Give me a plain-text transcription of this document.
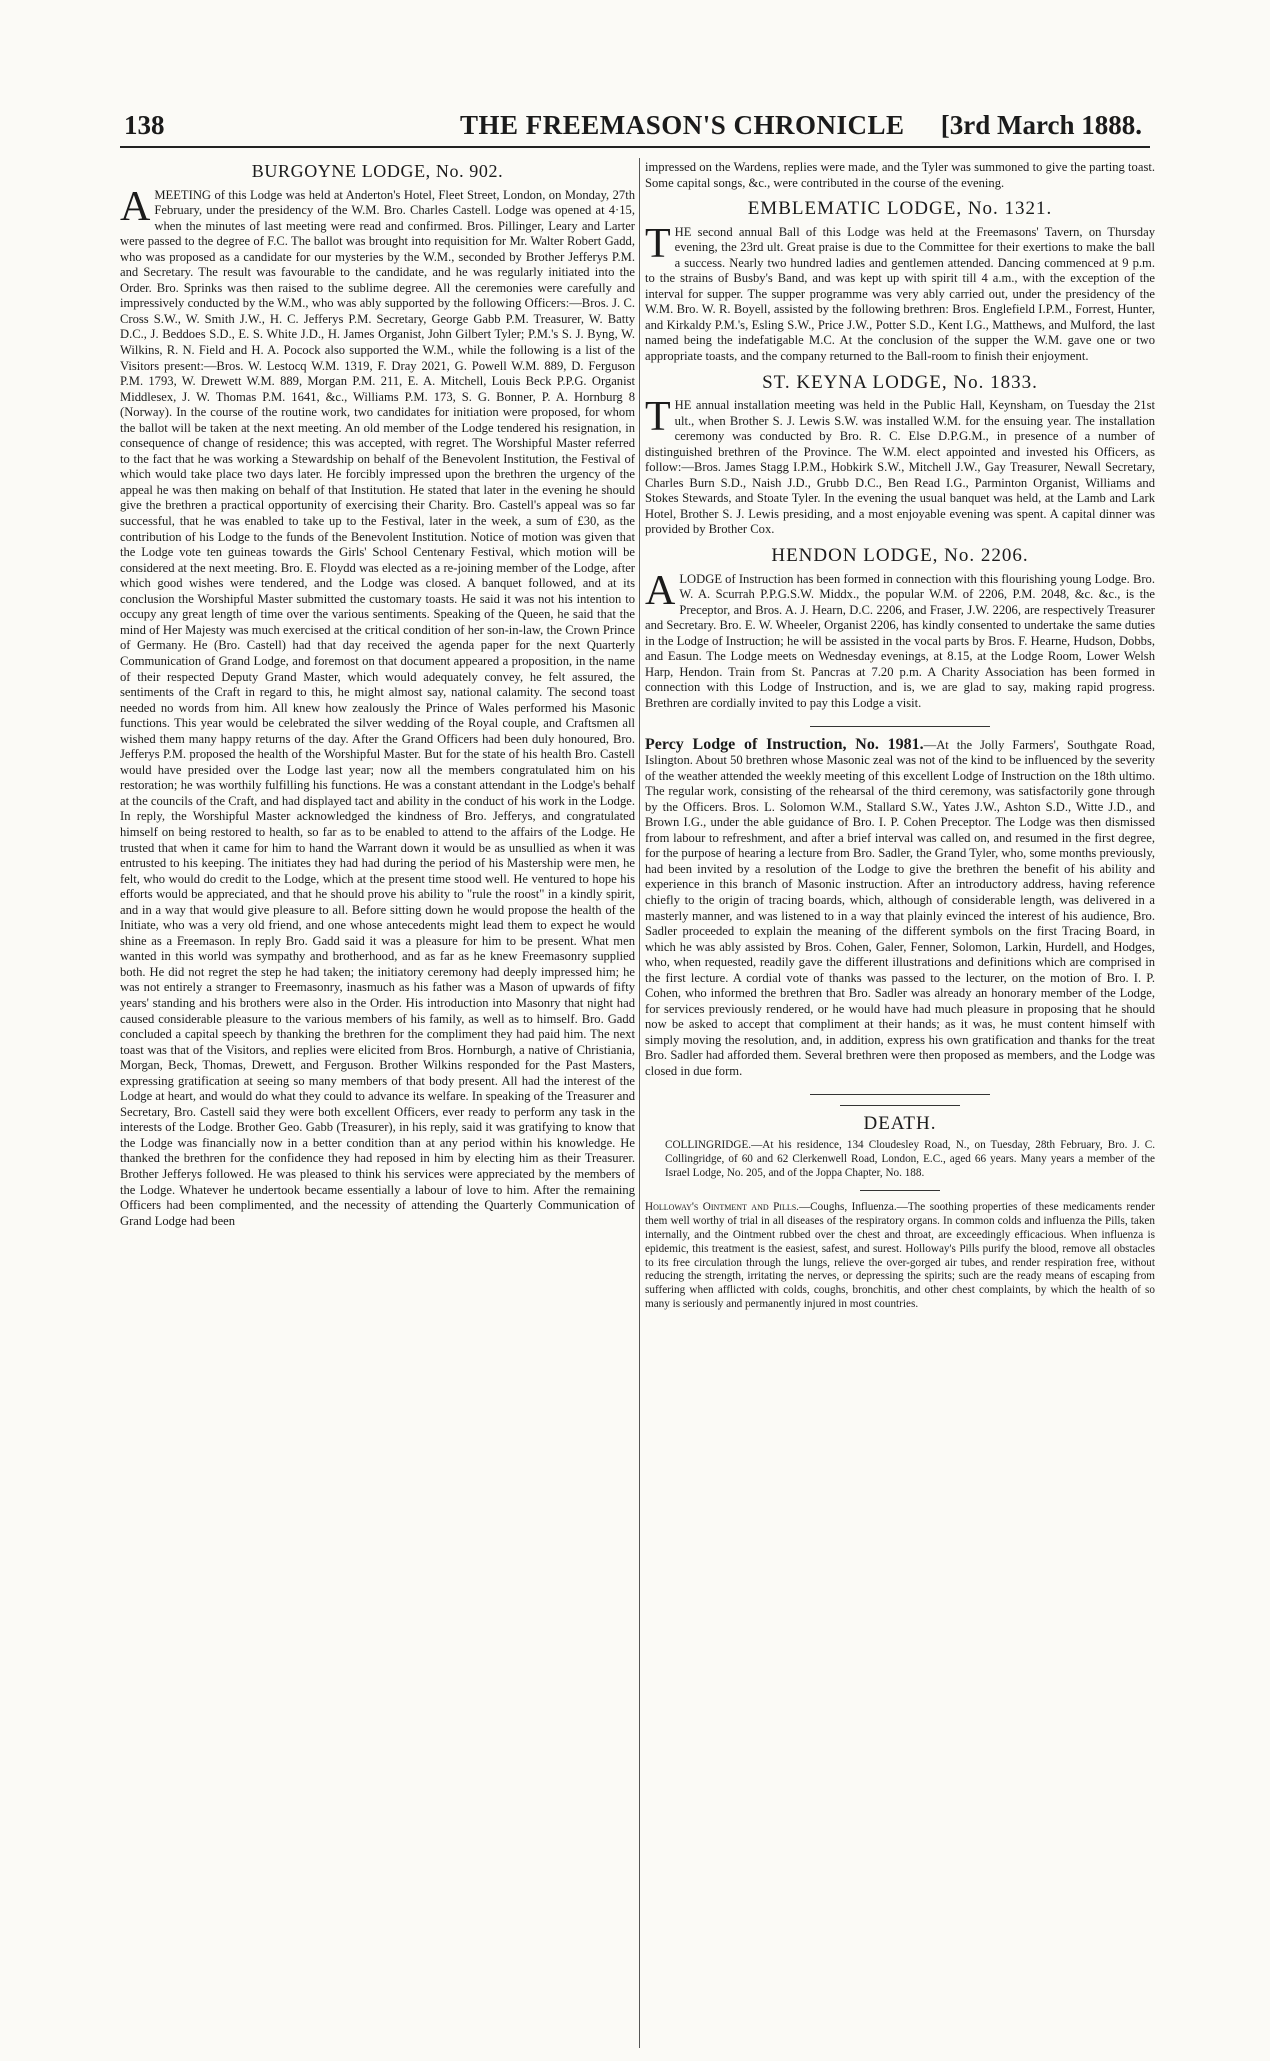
138	THE FREEMASON'S CHRONICLE [3rd March 1888.
BURGOYNE LODGE, No. 902.

AMEETING of this Lodge was held at Anderton's Hotel, Fleet Street, London, on Monday, 27th February, under the presidency of the W.M. Bro. Charles Castell. Lodge was opened at 4·15, when the minutes of last meeting were read and confirmed. Bros. Pillinger, Leary and Larter were passed to the degree of F.C. The ballot was brought into requisition for Mr. Walter Robert Gadd, who was proposed as a candidate for our mysteries by the W.M., seconded by Brother Jefferys P.M. and Secretary. The result was favourable to the candidate, and he was regularly initiated into the Order. Bro. Sprinks was then raised to the sublime degree. All the ceremonies were carefully and impressively conducted by the W.M., who was ably supported by the following Officers:—Bros. J. C. Cross S.W., W. Smith J.W., H. C. Jefferys P.M. Secretary, George Gabb P.M. Treasurer, W. Batty D.C., J. Beddoes S.D., E. S. White J.D., H. James Organist, John Gilbert Tyler; P.M.'s S. J. Byng, W. Wilkins, R. N. Field and H. A. Pocock also supported the W.M., while the following is a list of the Visitors present:—Bros. W. Lestocq W.M. 1319, F. Dray 2021, G. Powell W.M. 889, D. Ferguson P.M. 1793, W. Drewett W.M. 889, Morgan P.M. 211, E. A. Mitchell, Louis Beck P.P.G. Organist Middlesex, J. W. Thomas P.M. 1641, &c., Williams P.M. 173, S. G. Bonner, P. A. Hornburg 8 (Norway). In the course of the routine work, two candidates for initiation were proposed, for whom the ballot will be taken at the next meeting. An old member of the Lodge tendered his resignation, in consequence of change of residence; this was accepted, with regret. The Worshipful Master referred to the fact that he was working a Stewardship on behalf of the Benevolent Institution, the Festival of which would take place two days later. He forcibly impressed upon the brethren the urgency of the appeal he was then making on behalf of that Institution. He stated that later in the evening he should give the brethren a practical opportunity of exercising their Charity. Bro. Castell's appeal was so far successful, that he was enabled to take up to the Festival, later in the week, a sum of £30, as the contribution of his Lodge to the funds of the Benevolent Institution. Notice of motion was given that the Lodge vote ten guineas towards the Girls' School Centenary Festival, which motion will be considered at the next meeting. Bro. E. Floydd was elected as a re-joining member of the Lodge, after which good wishes were tendered, and the Lodge was closed. A banquet followed, and at its conclusion the Worshipful Master submitted the customary toasts. He said it was not his intention to occupy any great length of time over the various sentiments. Speaking of the Queen, he said that the mind of Her Majesty was much exercised at the critical condition of her son-in-law, the Crown Prince of Germany. He (Bro. Castell) had that day received the agenda paper for the next Quarterly Communication of Grand Lodge, and foremost on that document appeared a proposition, in the name of their respected Deputy Grand Master, which would adequately convey, he felt assured, the sentiments of the Craft in regard to this, he might almost say, national calamity. The second toast needed no words from him. All knew how zealously the Prince of Wales performed his Masonic functions. This year would be celebrated the silver wedding of the Royal couple, and Craftsmen all wished them many happy returns of the day. After the Grand Officers had been duly honoured, Bro. Jefferys P.M. proposed the health of the Worshipful Master. But for the state of his health Bro. Castell would have presided over the Lodge last year; now all the members congratulated him on his restoration; he was worthily fulfilling his functions. He was a constant attendant in the Lodge's behalf at the councils of the Craft, and had displayed tact and ability in the conduct of his work in the Lodge. In reply, the Worshipful Master acknowledged the kindness of Bro. Jefferys, and congratulated himself on being restored to health, so far as to be enabled to attend to the affairs of the Lodge. He trusted that when it came for him to hand the Warrant down it would be as unsullied as when it was entrusted to his keeping. The initiates they had had during the period of his Mastership were men, he felt, who would do credit to the Lodge, which at the present time stood well. He ventured to hope his efforts would be appreciated, and that he should prove his ability to "rule the roost" in a kindly spirit, and in a way that would give pleasure to all. Before sitting down he would propose the health of the Initiate, who was a very old friend, and one whose antecedents might lead them to expect he would shine as a Freemason. In reply Bro. Gadd said it was a pleasure for him to be present. What men wanted in this world was sympathy and brotherhood, and as far as he knew Freemasonry supplied both. He did not regret the step he had taken; the initiatory ceremony had deeply impressed him; he was not entirely a stranger to Freemasonry, inasmuch as his father was a Mason of upwards of fifty years' standing and his brothers were also in the Order. His introduction into Masonry that night had caused considerable pleasure to the various members of his family, as well as to himself. Bro. Gadd concluded a capital speech by thanking the brethren for the compliment they had paid him. The next toast was that of the Visitors, and replies were elicited from Bros. Hornburgh, a native of Christiania, Morgan, Beck, Thomas, Drewett, and Ferguson. Brother Wilkins responded for the Past Masters, expressing gratification at seeing so many members of that body present. All had the interest of the Lodge at heart, and would do what they could to advance its welfare. In speaking of the Treasurer and Secretary, Bro. Castell said they were both excellent Officers, ever ready to perform any task in the interests of the Lodge. Brother Geo. Gabb (Treasurer), in his reply, said it was gratifying to know that the Lodge was financially now in a better condition than at any period within his knowledge. He thanked the brethren for the confidence they had reposed in him by electing him as their Treasurer. Brother Jefferys followed. He was pleased to think his services were appreciated by the members of the Lodge. Whatever he undertook became essentially a labour of love to him. After the remaining Officers had been complimented, and the necessity of attending the Quarterly Communication of Grand Lodge had been

impressed on the Wardens, replies were made, and the Tyler was summoned to give the parting toast. Some capital songs, &c., were contributed in the course of the evening.

EMBLEMATIC LODGE, No. 1321.

THE second annual Ball of this Lodge was held at the Freemasons' Tavern, on Thursday evening, the 23rd ult. Great praise is due to the Committee for their exertions to make the ball a success. Nearly two hundred ladies and gentlemen attended. Dancing commenced at 9 p.m. to the strains of Busby's Band, and was kept up with spirit till 4 a.m., with the exception of the interval for supper. The supper programme was very ably carried out, under the presidency of the W.M. Bro. W. R. Boyell, assisted by the following brethren: Bros. Englefield I.P.M., Forrest, Hunter, and Kirkaldy P.M.'s, Esling S.W., Price J.W., Potter S.D., Kent I.G., Matthews, and Mulford, the last named being the indefatigable M.C. At the conclusion of the supper the W.M. gave one or two appropriate toasts, and the company returned to the Ball-room to finish their enjoyment.

ST. KEYNA LODGE, No. 1833.

THE annual installation meeting was held in the Public Hall, Keynsham, on Tuesday the 21st ult., when Brother S. J. Lewis S.W. was installed W.M. for the ensuing year. The installation ceremony was conducted by Bro. R. C. Else D.P.G.M., in presence of a number of distinguished brethren of the Province. The W.M. elect appointed and invested his Officers, as follow:—Bros. James Stagg I.P.M., Hobkirk S.W., Mitchell J.W., Gay Treasurer, Newall Secretary, Charles Burn S.D., Naish J.D., Grubb D.C., Ben Read I.G., Parminton Organist, Williams and Stokes Stewards, and Stoate Tyler. In the evening the usual banquet was held, at the Lamb and Lark Hotel, Brother S. J. Lewis presiding, and a most enjoyable evening was spent. A capital dinner was provided by Brother Cox.

HENDON LODGE, No. 2206.

ALODGE of Instruction has been formed in connection with this flourishing young Lodge. Bro. W. A. Scurrah P.P.G.S.W. Middx., the popular W.M. of 2206, P.M. 2048, &c. &c., is the Preceptor, and Bros. A. J. Hearn, D.C. 2206, and Fraser, J.W. 2206, are respectively Treasurer and Secretary. Bro. E. W. Wheeler, Organist 2206, has kindly consented to undertake the same duties in the Lodge of Instruction; he will be assisted in the vocal parts by Bros. F. Hearne, Hudson, Dobbs, and Easun. The Lodge meets on Wednesday evenings, at 8.15, at the Lodge Room, Lower Welsh Harp, Hendon. Train from St. Pancras at 7.20 p.m. A Charity Association has been formed in connection with this Lodge of Instruction, and is, we are glad to say, making rapid progress. Brethren are cordially invited to pay this Lodge a visit.

Percy Lodge of Instruction, No. 1981.—At the Jolly Farmers', Southgate Road, Islington. About 50 brethren whose Masonic zeal was not of the kind to be influenced by the severity of the weather attended the weekly meeting of this excellent Lodge of Instruction on the 18th ultimo. The regular work, consisting of the rehearsal of the third ceremony, was satisfactorily gone through by the Officers. Bros. L. Solomon W.M., Stallard S.W., Yates J.W., Ashton S.D., Witte J.D., and Brown I.G., under the able guidance of Bro. I. P. Cohen Preceptor. The Lodge was then dismissed from labour to refreshment, and after a brief interval was called on, and resumed in the first degree, for the purpose of hearing a lecture from Bro. Sadler, the Grand Tyler, who, some months previously, had been invited by a resolution of the Lodge to give the brethren the benefit of his ability and experience in this branch of Masonic instruction. After an introductory address, having reference chiefly to the origin of tracing boards, which, although of considerable length, was delivered in a masterly manner, and was listened to in a way that plainly evinced the interest of his audience, Bro. Sadler proceeded to explain the meaning of the different symbols on the first Tracing Board, in which he was ably assisted by Bros. Cohen, Galer, Fenner, Solomon, Larkin, Hurdell, and Hodges, who, when requested, readily gave the different illustrations and definitions which are comprised in the first lecture. A cordial vote of thanks was passed to the lecturer, on the motion of Bro. I. P. Cohen, who informed the brethren that Bro. Sadler was already an honorary member of the Lodge, for services previously rendered, or he would have had much pleasure in proposing that he should now be asked to accept that compliment at their hands; as it was, he must content himself with simply moving the resolution, and, in addition, express his own gratification and thanks for the treat Bro. Sadler had afforded them. Several brethren were then proposed as members, and the Lodge was closed in due form.

DEATH.

COLLINGRIDGE.—At his residence, 134 Cloudesley Road, N., on Tuesday, 28th February, Bro. J. C. Collingridge, of 60 and 62 Clerkenwell Road, London, E.C., aged 66 years. Many years a member of the Israel Lodge, No. 205, and of the Joppa Chapter, No. 188.

Holloway's Ointment and Pills.—Coughs, Influenza.—The soothing properties of these medicaments render them well worthy of trial in all diseases of the respiratory organs. In common colds and influenza the Pills, taken internally, and the Ointment rubbed over the chest and throat, are exceedingly efficacious. When influenza is epidemic, this treatment is the easiest, safest, and surest. Holloway's Pills purify the blood, remove all obstacles to its free circulation through the lungs, relieve the over-gorged air tubes, and render respiration free, without reducing the strength, irritating the nerves, or depressing the spirits; such are the ready means of escaping from suffering when afflicted with colds, coughs, bronchitis, and other chest complaints, by which the health of so many is seriously and permanently injured in most countries.
